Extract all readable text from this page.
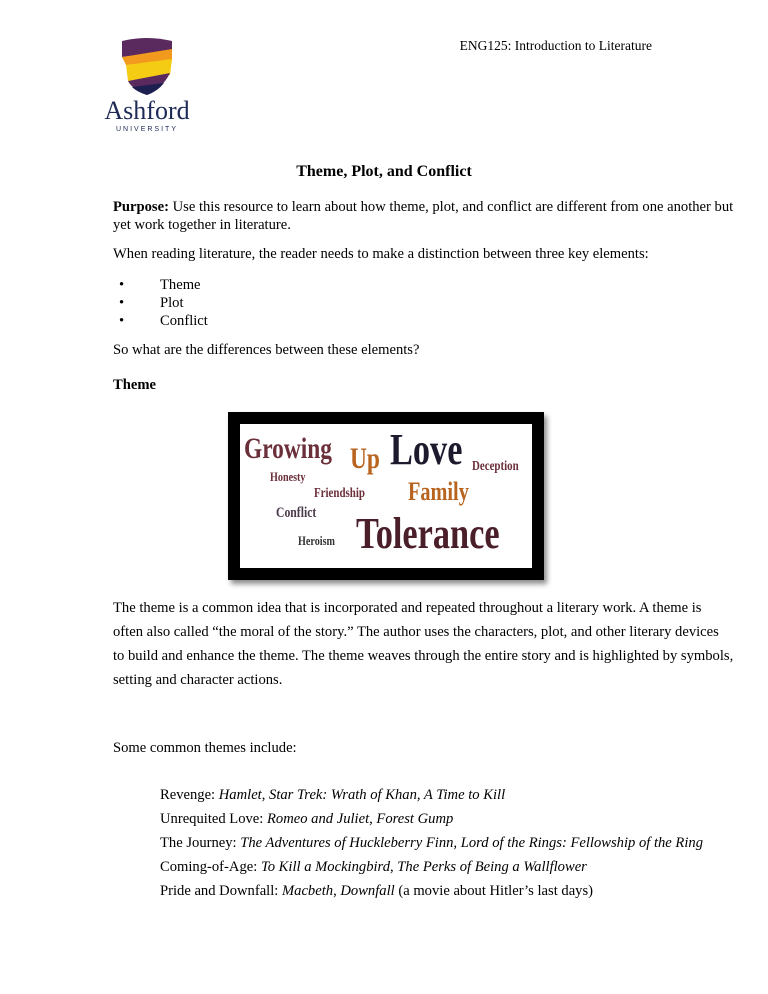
ENG125: Introduction to Literature
Ashford
UNIVERSITY
Theme, Plot, and Conflict
Purpose: Use this resource to learn about how theme, plot, and conflict are different from one another but
yet work together in literature.
When reading literature, the reader needs to make a distinction between three key elements:
• Theme
• Plot
• Conflict
So what are the differences between these elements?
Theme
Growing
Honesty
Up Love Deception
Friendship Family
Conflict
Heroism Tolerance
The theme is a common idea that is incorporated and repeated throughout a literary work. A theme is
often also called “the moral of the story.” The author uses the characters, plot, and other literary devices
to build and enhance the theme. The theme weaves through the entire story and is highlighted by symbols,
setting and character actions.
Some common themes include:
Revenge: Hamlet, Star Trek: Wrath of Khan, A Time to Kill
Unrequited Love: Romeo and Juliet, Forest Gump
The Journey: The Adventures of Huckleberry Finn, Lord of the Rings: Fellowship of the Ring
Coming-of-Age: To Kill a Mockingbird, The Perks of Being a Wallflower
Pride and Downfall: Macbeth, Downfall (a movie about Hitler’s last days)
